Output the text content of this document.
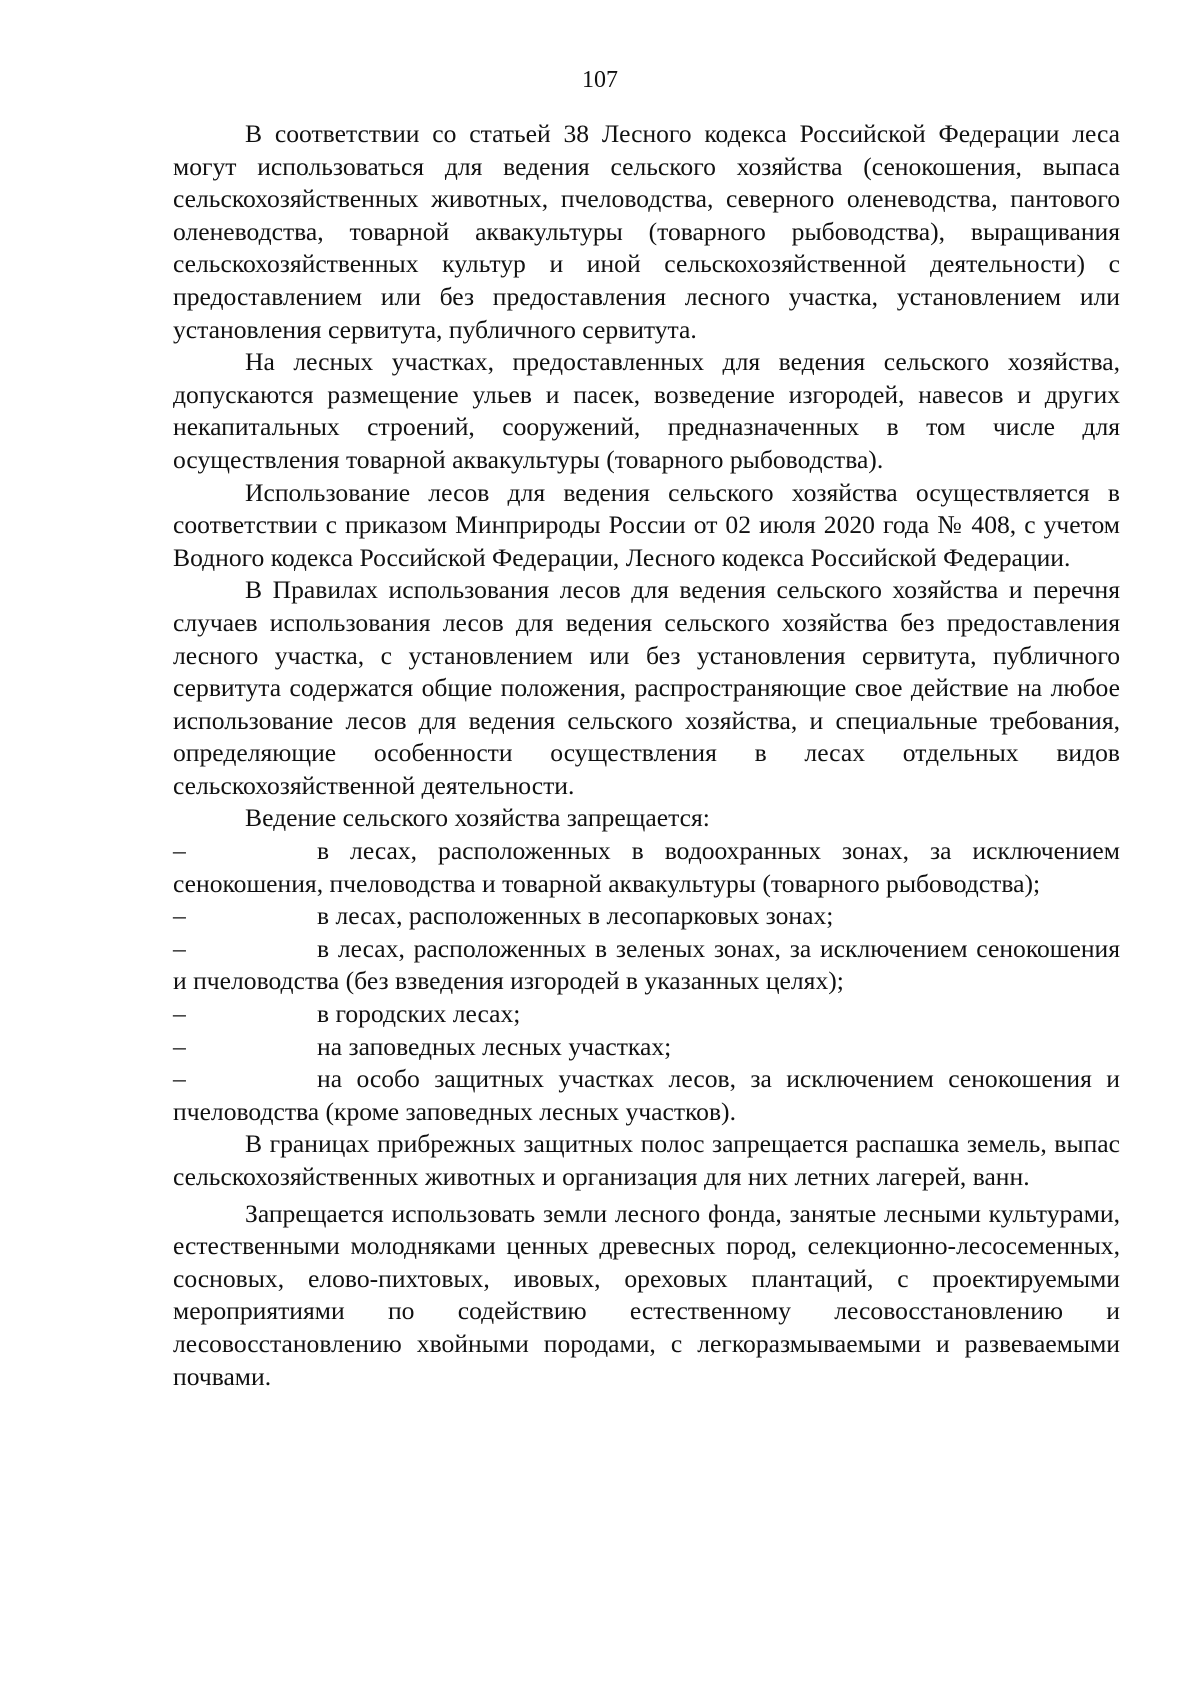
107

В соответствии со статьей 38 Лесного кодекса Российской Федерации леса могут использоваться для ведения сельского хозяйства (сенокошения, выпаса сельскохозяйственных животных, пчеловодства, северного оленеводства, пантового оленеводства, товарной аквакультуры (товарного рыбоводства), выращивания сельскохозяйственных культур и иной сельскохозяйственной деятельности) с предоставлением или без предоставления лесного участка, установлением или установления сервитута, публичного сервитута.

На лесных участках, предоставленных для ведения сельского хозяйства, допускаются размещение ульев и пасек, возведение изгородей, навесов и других некапитальных строений, сооружений, предназначенных в том числе для осуществления товарной аквакультуры (товарного рыбоводства).

Использование лесов для ведения сельского хозяйства осуществляется в соответствии с приказом Минприроды России от 02 июля 2020 года № 408, с учетом Водного кодекса Российской Федерации, Лесного кодекса Российской Федерации.

В Правилах использования лесов для ведения сельского хозяйства и перечня случаев использования лесов для ведения сельского хозяйства без предоставления лесного участка, с установлением или без установления сервитута, публичного сервитута содержатся общие положения, распространяющие свое действие на любое использование лесов для ведения сельского хозяйства, и специальные требования, определяющие особенности осуществления в лесах отдельных видов сельскохозяйственной деятельности.

Ведение сельского хозяйства запрещается:

–	в лесах, расположенных в водоохранных зонах, за исключением сенокошения, пчеловодства и товарной аквакультуры (товарного рыбоводства);

–	в лесах, расположенных в лесопарковых зонах;

–	в лесах, расположенных в зеленых зонах, за исключением сенокошения и пчеловодства (без взведения изгородей в указанных целях);

–	в городских лесах;

–	на заповедных лесных участках;

–	на особо защитных участках лесов, за исключением сенокошения и пчеловодства (кроме заповедных лесных участков).

В границах прибрежных защитных полос запрещается распашка земель, выпас сельскохозяйственных животных и организация для них летних лагерей, ванн.

Запрещается использовать земли лесного фонда, занятые лесными культурами, естественными молодняками ценных древесных пород, селекционно-лесосеменных, сосновых, елово-пихтовых, ивовых, ореховых плантаций, с проектируемыми мероприятиями по содействию естественному лесовосстановлению и лесовосстановлению хвойными породами, с легкоразмываемыми и развеваемыми почвами.
